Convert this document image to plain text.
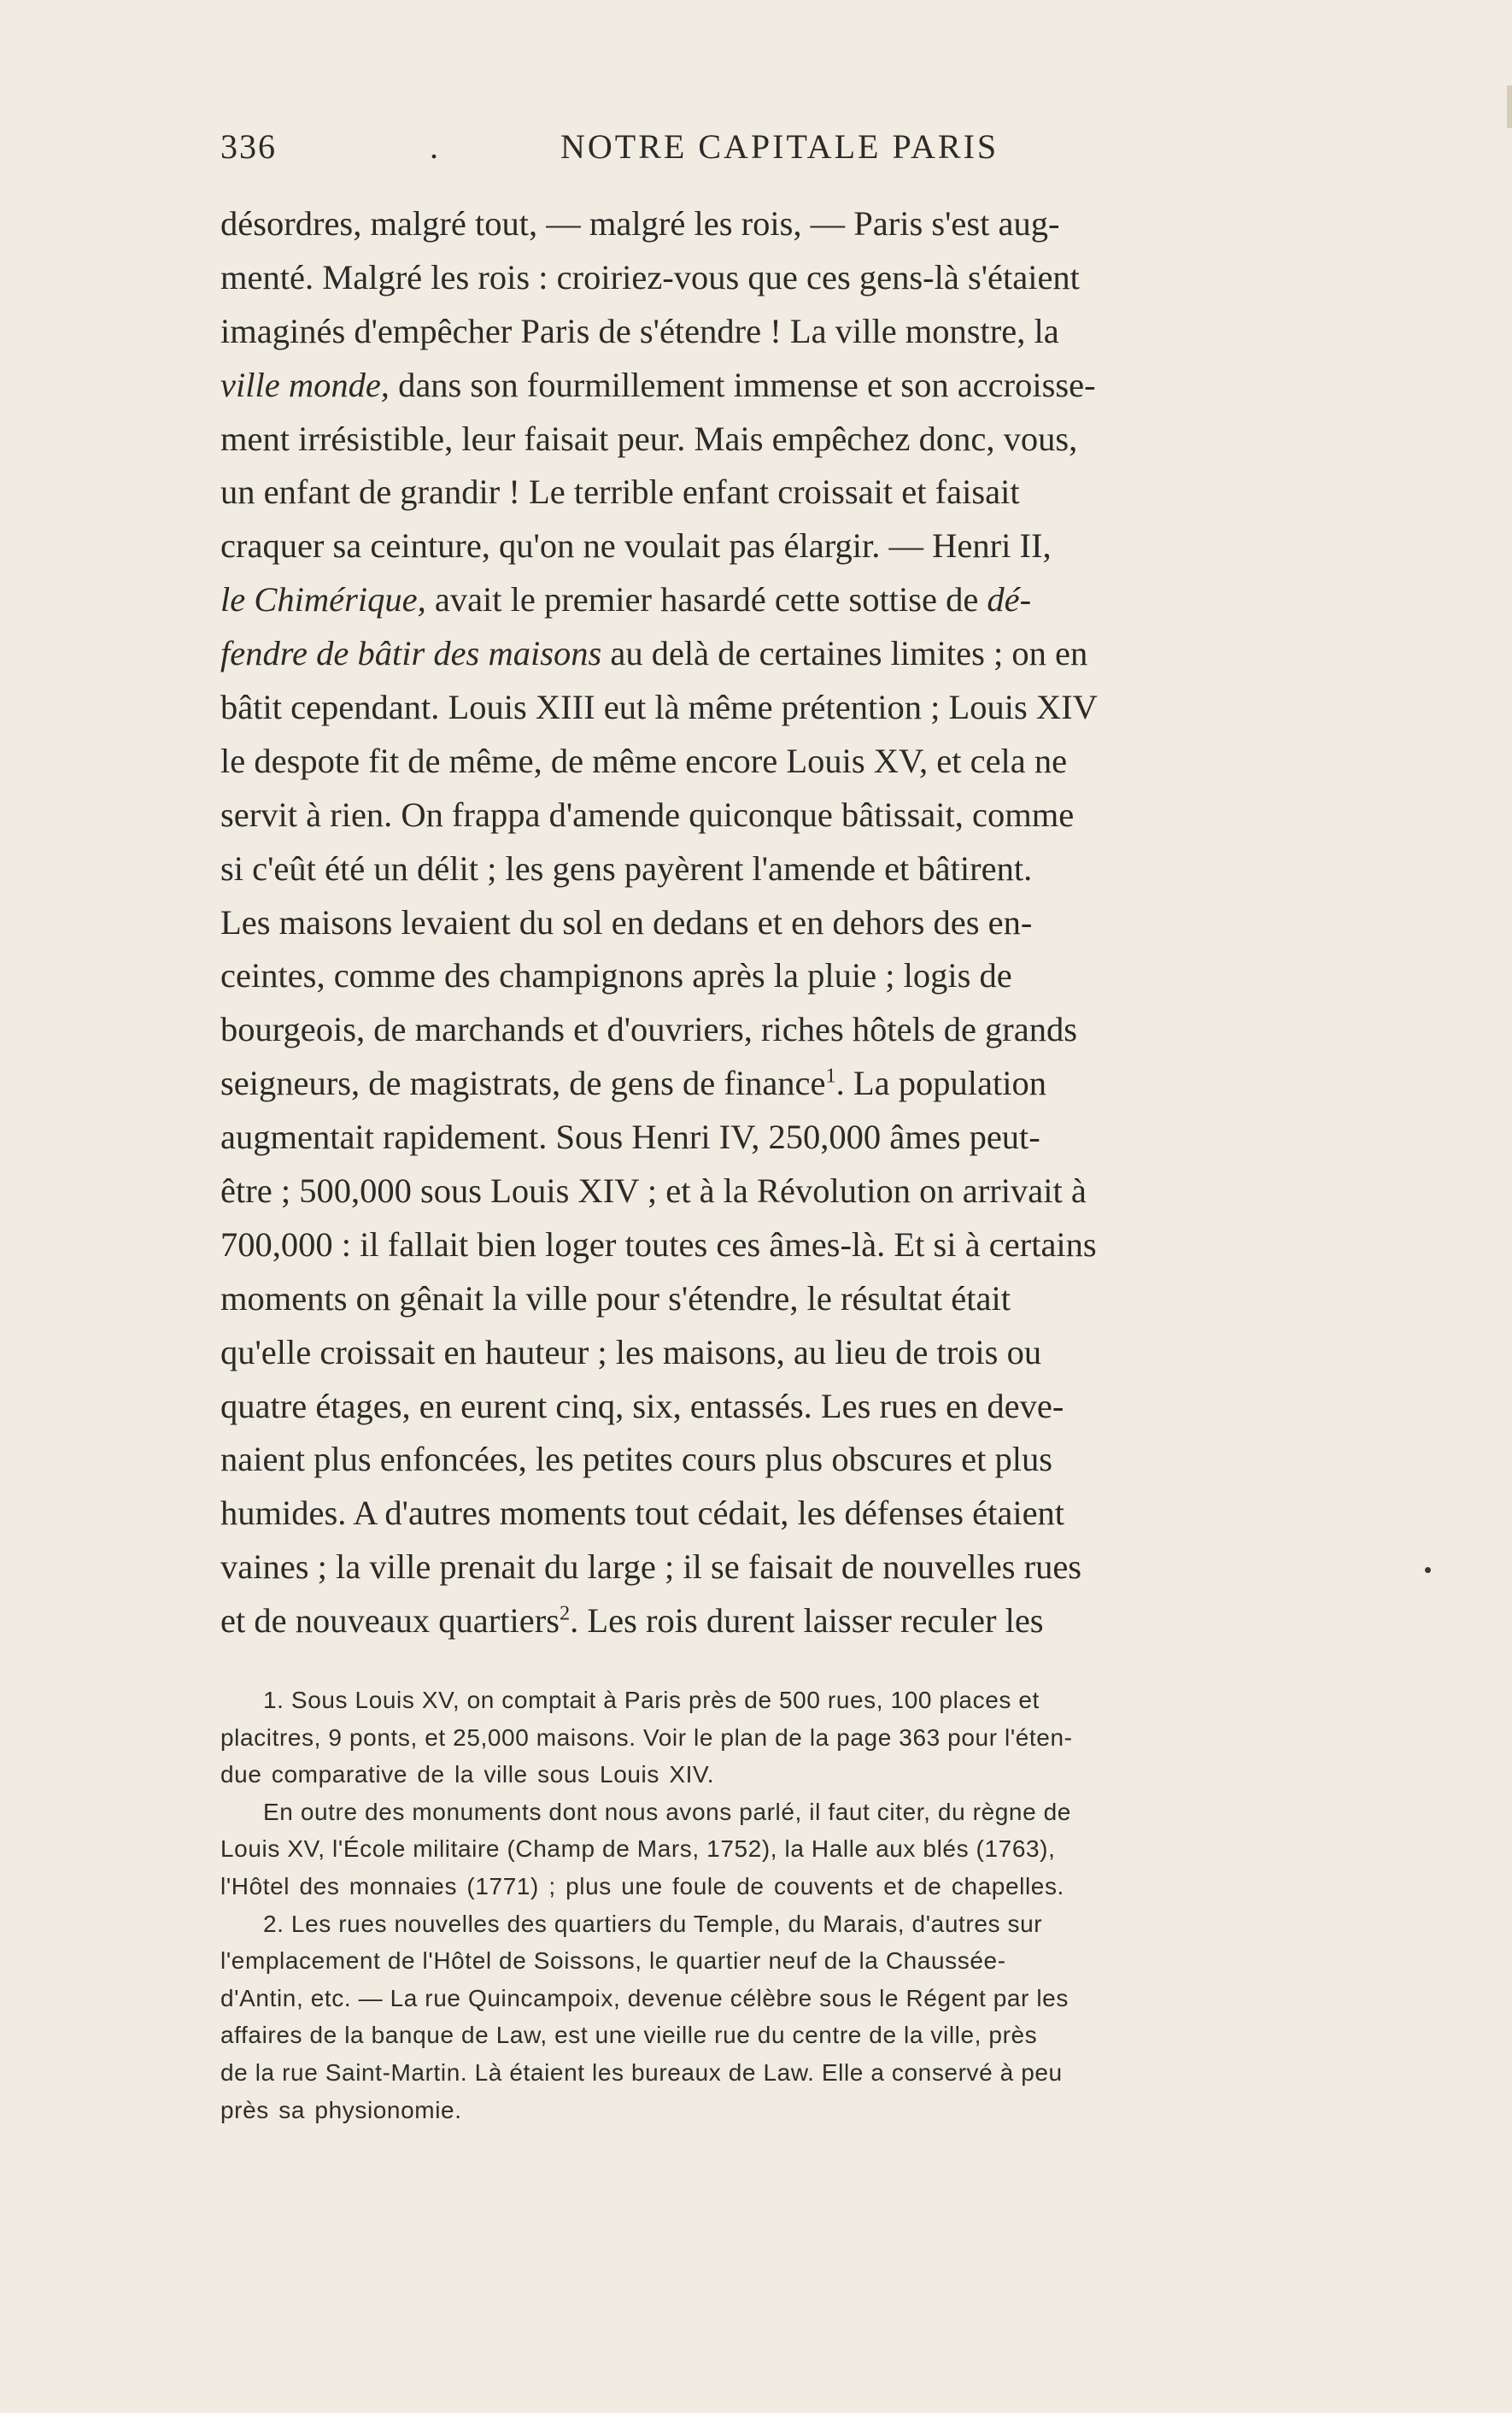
336	.	NOTRE CAPITALE PARIS
désordres, malgré tout, — malgré les rois, — Paris s'est aug-
menté. Malgré les rois : croiriez-vous que ces gens-là s'étaient
imaginés d'empêcher Paris de s'étendre ! La ville monstre, la
ville monde, dans son fourmillement immense et son accroisse-
ment irrésistible, leur faisait peur. Mais empêchez donc, vous,
un enfant de grandir ! Le terrible enfant croissait et faisait
craquer sa ceinture, qu'on ne voulait pas élargir. — Henri II,
le Chimérique, avait le premier hasardé cette sottise de dé-
fendre de bâtir des maisons au delà de certaines limites ; on en
bâtit cependant. Louis XIII eut là même prétention ; Louis XIV
le despote fit de même, de même encore Louis XV, et cela ne
servit à rien. On frappa d'amende quiconque bâtissait, comme
si c'eût été un délit ; les gens payèrent l'amende et bâtirent.
Les maisons levaient du sol en dedans et en dehors des en-
ceintes, comme des champignons après la pluie ; logis de
bourgeois, de marchands et d'ouvriers, riches hôtels de grands
seigneurs, de magistrats, de gens de finance$^1$. La population
augmentait rapidement. Sous Henri IV, 250,000 âmes peut-
être ; 500,000 sous Louis XIV ; et à la Révolution on arrivait à
700,000 : il fallait bien loger toutes ces âmes-là. Et si à certains
moments on gênait la ville pour s'étendre, le résultat était
qu'elle croissait en hauteur ; les maisons, au lieu de trois ou
quatre étages, en eurent cinq, six, entassés. Les rues en deve-
naient plus enfoncées, les petites cours plus obscures et plus
humides. A d'autres moments tout cédait, les défenses étaient
vaines ; la ville prenait du large ; il se faisait de nouvelles rues
et de nouveaux quartiers$^2$. Les rois durent laisser reculer les
1. Sous Louis XV, on comptait à Paris près de 500 rues, 100 places et
placitres, 9 ponts, et 25,000 maisons. Voir le plan de la page 363 pour l'éten-
due comparative de la ville sous Louis XIV.
En outre des monuments dont nous avons parlé, il faut citer, du règne de
Louis XV, l'École militaire (Champ de Mars, 1752), la Halle aux blés (1763),
l'Hôtel des monnaies (1771) ; plus une foule de couvents et de chapelles.
2. Les rues nouvelles des quartiers du Temple, du Marais, d'autres sur
l'emplacement de l'Hôtel de Soissons, le quartier neuf de la Chaussée-
d'Antin, etc. — La rue Quincampoix, devenue célèbre sous le Régent par les
affaires de la banque de Law, est une vieille rue du centre de la ville, près
de la rue Saint-Martin. Là étaient les bureaux de Law. Elle a conservé à peu
près sa physionomie.
